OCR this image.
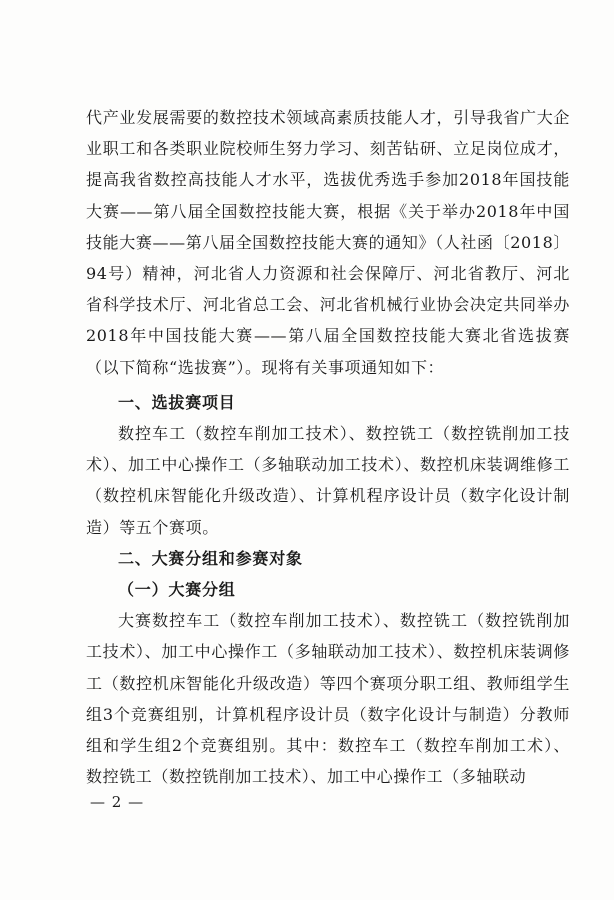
代产业发展需要的数控技术领域高素质技能人才，引导我省广大企业职工和各类职业院校师生努力学习、刻苦钻研、立足岗位成才，提高我省数控高技能人才水平，选拔优秀选手参加2018年国技能大赛——第八届全国数控技能大赛，根据《关于举办2018年中国技能大赛——第八届全国数控技能大赛的通知》（人社函〔2018〕94号）精神，河北省人力资源和社会保障厅、河北省教厅、河北省科学技术厅、河北省总工会、河北省机械行业协会决定共同举办2018年中国技能大赛——第八届全国数控技能大赛北省选拔赛（以下简称“选拔赛”）。现将有关事项通知如下：

一、选拔赛项目

数控车工（数控车削加工技术）、数控铣工（数控铣削加工技术）、加工中心操作工（多轴联动加工技术）、数控机床装调维修工（数控机床智能化升级改造）、计算机程序设计员（数字化设计制造）等五个赛项。

二、大赛分组和参赛对象

（一）大赛分组

大赛数控车工（数控车削加工技术）、数控铣工（数控铣削加工技术）、加工中心操作工（多轴联动加工技术）、数控机床装调修工（数控机床智能化升级改造）等四个赛项分职工组、教师组学生组3个竞赛组别，计算机程序设计员（数字化设计与制造）分教师组和学生组2个竞赛组别。其中：数控车工（数控车削加工术）、数控铣工（数控铣削加工技术）、加工中心操作工（多轴联动

— 2 —
